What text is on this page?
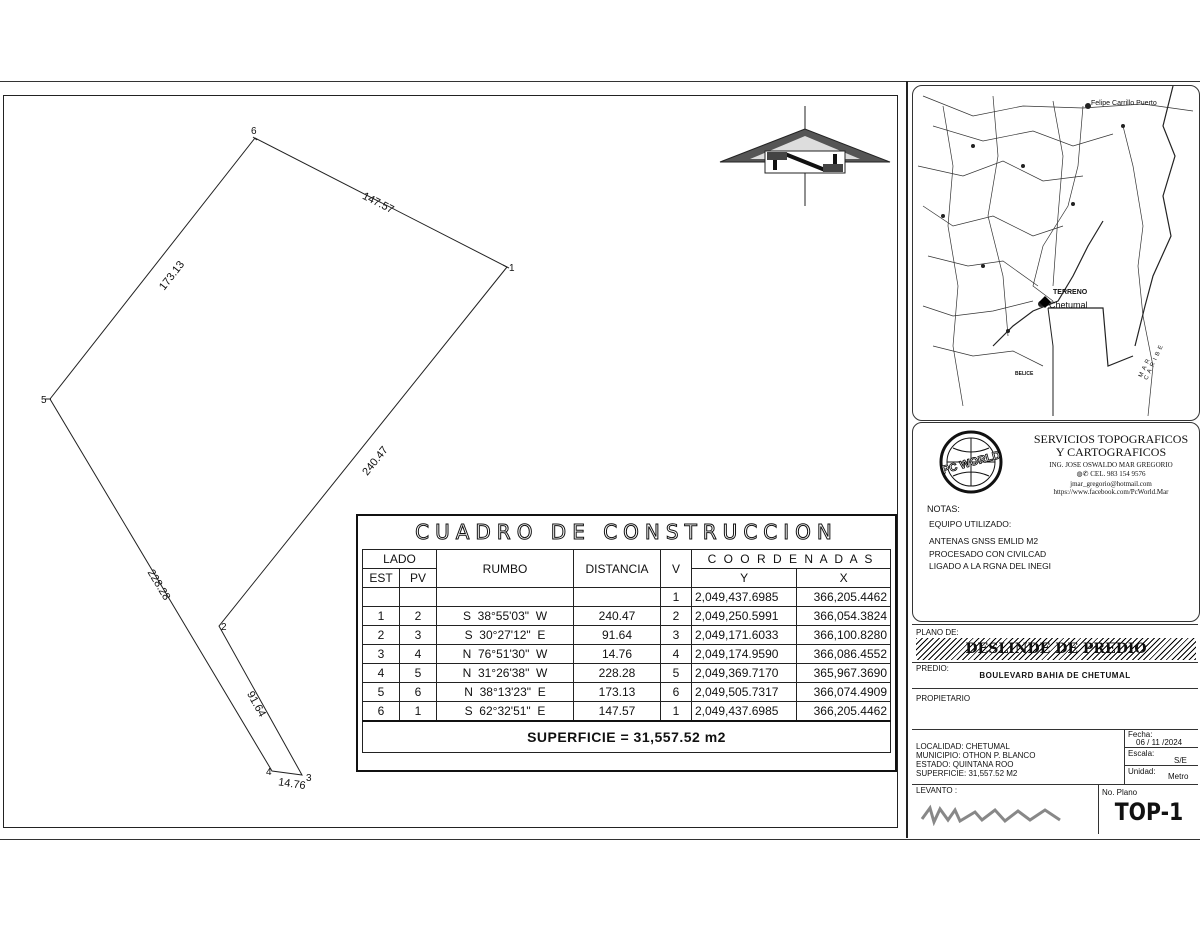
1
2
3
4
5
6
147.57
173.13
240.47
228.28
91.64
14.76
CUADRO DE CONSTRUCCION
LADO		RUMBO	DISTANCIA	V	C O O R D E N A D A S	
EST	PV				Y	X
				1	2,049,437.6985	366,205.4462
1	2	S  38°55'03"  W	240.47	2	2,049,250.5991	366,054.3824
2	3	S  30°27'12"  E	91.64	3	2,049,171.6033	366,100.8280
3	4	N  76°51'30"  W	14.76	4	2,049,174.9590	366,086.4552
4	5	N  31°26'38"  W	228.28	5	2,049,369.7170	365,967.3690
5	6	N  38°13'23"  E	173.13	6	2,049,505.7317	366,074.4909
6	1	S  62°32'51"  E	147.57	1	2,049,437.6985	366,205.4462
SUPERFICIE = 31,557.52 m2						
Felipe Carrillo Puerto
TERRENO
Chetumal
BELICE	MAR CARIBE
PC WORLD
SERVICIOS TOPOGRAFICOS
Y CARTOGRAFICOS
ING. JOSE OSWALDO MAR GREGORIO
◍✆ CEL. 983 154 9576
jmar_gregorio@hotmail.com
https://www.facebook.com/PcWorld.Mar
NOTAS:
EQUIPO UTILIZADO:
ANTENAS GNSS EMLID M2
PROCESADO CON CIVILCAD
LIGADO A LA RGNA DEL INEGI
PLANO DE:
DESLINDE DE PREDIO
PREDIO:
BOULEVARD BAHIA DE CHETUMAL
PROPIETARIO
LOCALIDAD: CHETUMAL
MUNICIPIO: OTHON P. BLANCO
ESTADO: QUINTANA ROO
SUPERFICIE: 31,557.52 M2
Fecha:
06 / 11 /2024
Escala:
S/E
Unidad:
Metro
LEVANTO :	No. Plano
TOP-1
